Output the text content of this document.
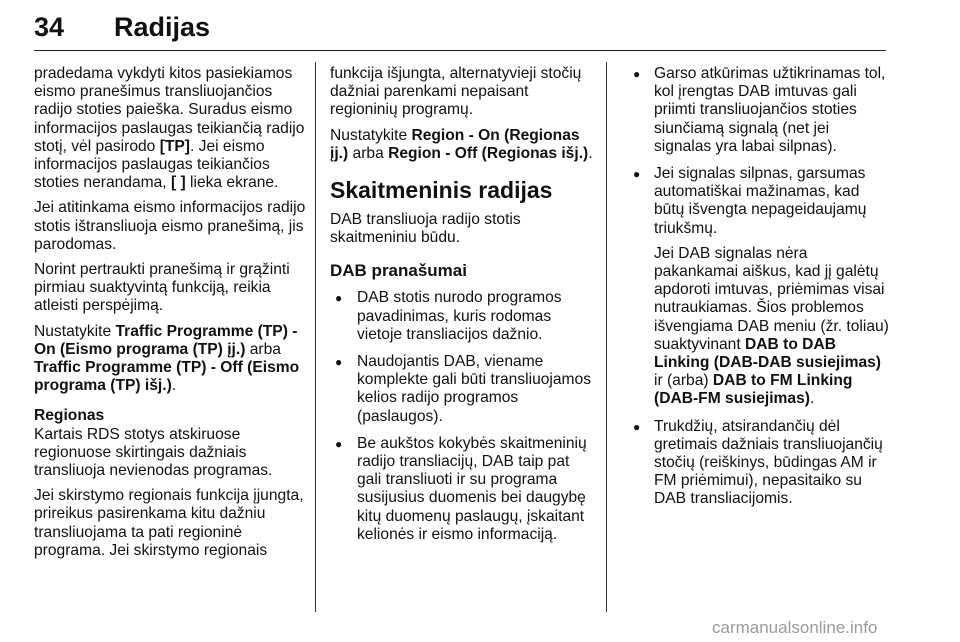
34 Radijas

pradedama vykdyti kitos pasiekiamos eismo pranešimus transliuojančios radijo stoties paieška. Suradus eismo informacijos paslaugas teikiančią radijo stotį, vėl pasirodo [TP]. Jei eismo informacijos paslaugas teikiančios stoties nerandama, [ ] lieka ekrane.

Jei atitinkama eismo informacijos radijo stotis ištransliuoja eismo pranešimą, jis parodomas.

Norint pertraukti pranešimą ir grąžinti pirmiau suaktyvintą funkciją, reikia atleisti perspėjimą.

Nustatykite Traffic Programme (TP) - On (Eismo programa (TP) įj.) arba Traffic Programme (TP) - Off (Eismo programa (TP) išj.).

Regionas

Kartais RDS stotys atskiruose regionuose skirtingais dažniais transliuoja nevienodas programas.

Jei skirstymo regionais funkcija įjungta, prireikus pasirenkama kitu dažniu transliuojama ta pati regioninė programa. Jei skirstymo regionais

funkcija išjungta, alternatyvieji stočių dažniai parenkami nepaisant regioninių programų.

Nustatykite Region - On (Regionas įj.) arba Region - Off (Regionas išj.).

Skaitmeninis radijas

DAB transliuoja radijo stotis skaitmeniniu būdu.

DAB pranašumai
● DAB stotis nurodo programos pavadinimas, kuris rodomas vietoje transliacijos dažnio.
● Naudojantis DAB, viename komplekte gali būti transliuojamos kelios radijo programos (paslaugos).
● Be aukštos kokybės skaitmeninių radijo transliacijų, DAB taip pat gali transliuoti ir su programa susijusius duomenis bei daugybę kitų duomenų paslaugų, įskaitant kelionės ir eismo informaciją.
● Garso atkūrimas užtikrinamas tol, kol įrengtas DAB imtuvas gali priimti transliuojančios stoties siunčiamą signalą (net jei signalas yra labai silpnas).
● Jei signalas silpnas, garsumas automatiškai mažinamas, kad būtų išvengta nepageidaujamų triukšmų.

Jei DAB signalas nėra pakankamai aiškus, kad jį galėtų apdoroti imtuvas, priėmimas visai nutraukiamas. Šios problemos išvengiama DAB meniu (žr. toliau) suaktyvinant DAB to DAB Linking (DAB-DAB susiejimas) ir (arba) DAB to FM Linking (DAB-FM susiejimas).

● Trukdžių, atsirandančių dėl gretimais dažniais transliuojančių stočių (reiškinys, būdingas AM ir FM priėmimui), nepasitaiko su DAB transliacijomis.
carmanualsonline.info
